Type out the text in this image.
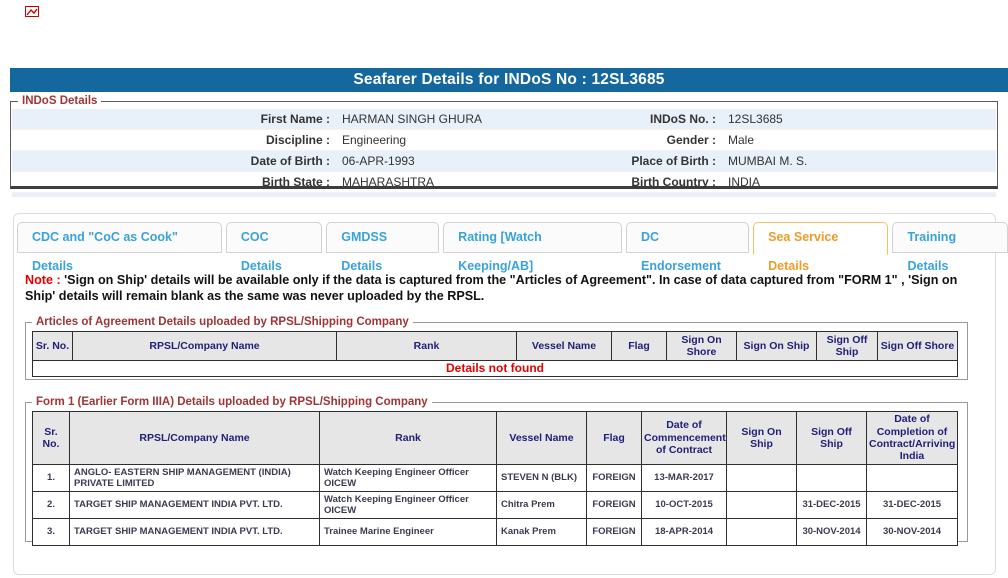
Seafarer Details for INDoS No : 12SL3685
INDoS Details
First Name :	HARMAN SINGH GHURA	INDoS No. :	12SL3685
Discipline :	Engineering	Gender :	Male
Date of Birth :	06-APR-1993	Place of Birth :	MUMBAI M. S.
Birth State :	MAHARASHTRA	Birth Country :	INDIA
CDC and "CoC as Cook" Details
COC Details
GMDSS Details
Rating [Watch Keeping/AB]
DC Endorsement
Sea Service Details
Training Details
Note : 'Sign on Ship' details will be available only if the data is captured from the "Articles of Agreement". In case of data captured from "FORM 1" , 'Sign on Ship' details will remain blank as the same was never uploaded by the RPSL.
Articles of Agreement Details uploaded by RPSL/Shipping Company
Sr. No.	RPSL/Company Name	Rank	Vessel Name	Flag	Sign On Shore	Sign On Ship	Sign Off Ship	Sign Off Shore
Details not found
Form 1 (Earlier Form IIIA) Details uploaded by RPSL/Shipping Company
Sr. No.	RPSL/Company Name	Rank	Vessel Name	Flag	Date of Commencement of Contract	Sign On Ship	Sign Off Ship	Date of Completion of Contract/Arriving India
1.	ANGLO- EASTERN SHIP MANAGEMENT (INDIA) PRIVATE LIMITED	Watch Keeping Engineer Officer OICEW	STEVEN N (BLK)	FOREIGN	13-MAR-2017			
2.	TARGET SHIP MANAGEMENT INDIA PVT. LTD.	Watch Keeping Engineer Officer OICEW	Chitra Prem	FOREIGN	10-OCT-2015		31-DEC-2015	31-DEC-2015
3.	TARGET SHIP MANAGEMENT INDIA PVT. LTD.	Trainee Marine Engineer	Kanak Prem	FOREIGN	18-APR-2014		30-NOV-2014	30-NOV-2014
